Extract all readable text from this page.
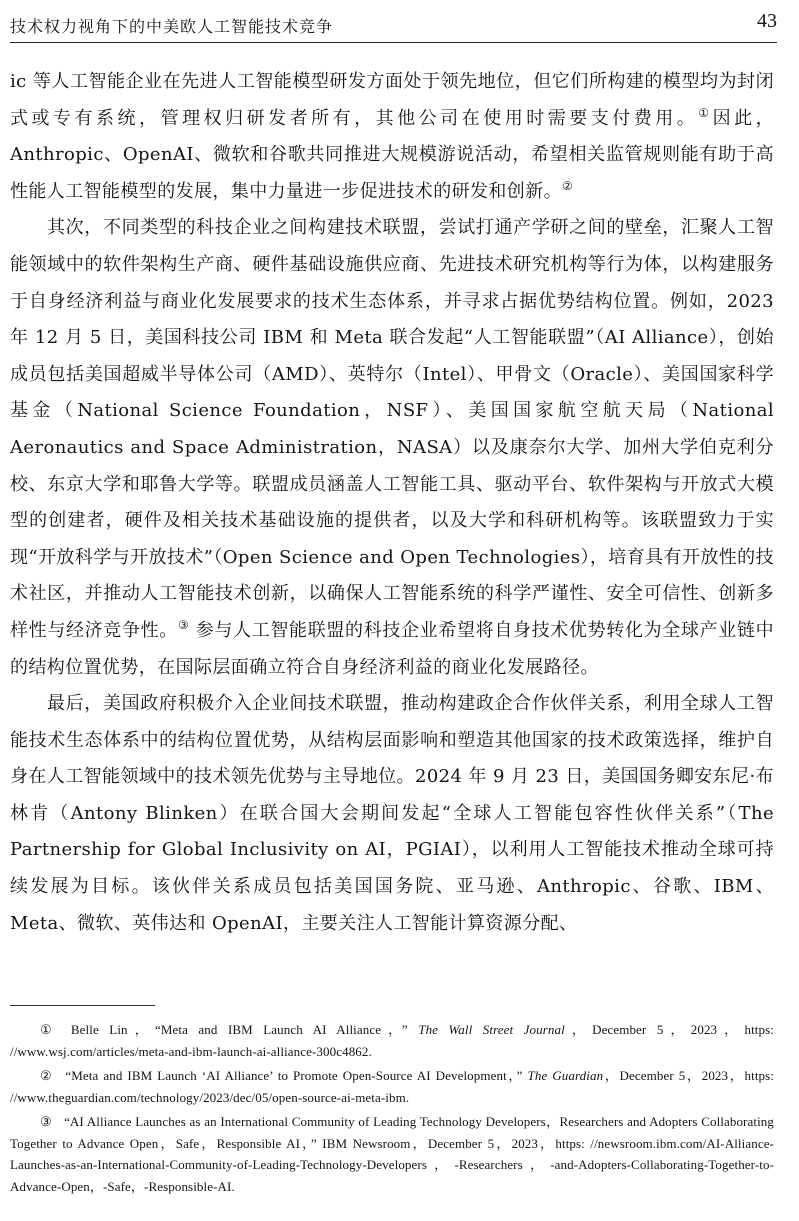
技术权力视角下的中美欧人工智能技术竞争	43

ic 等人工智能企业在先进人工智能模型研发方面处于领先地位，但它们所构建的模型均为封闭式或专有系统，管理权归研发者所有，其他公司在使用时需要支付费用。①因此，Anthropic、OpenAI、微软和谷歌共同推进大规模游说活动，希望相关监管规则能有助于高性能人工智能模型的发展，集中力量进一步促进技术的研发和创新。②

其次，不同类型的科技企业之间构建技术联盟，尝试打通产学研之间的壁垒，汇聚人工智能领域中的软件架构生产商、硬件基础设施供应商、先进技术研究机构等行为体，以构建服务于自身经济利益与商业化发展要求的技术生态体系，并寻求占据优势结构位置。例如，2023 年 12 月 5 日，美国科技公司 IBM 和 Meta 联合发起“人工智能联盟”（AI Alliance），创始成员包括美国超威半导体公司（AMD）、英特尔（Intel）、甲骨文（Oracle）、美国国家科学基金（National Science Foundation，NSF）、美国国家航空航天局（National Aeronautics and Space Administration，NASA）以及康奈尔大学、加州大学伯克利分校、东京大学和耶鲁大学等。联盟成员涵盖人工智能工具、驱动平台、软件架构与开放式大模型的创建者，硬件及相关技术基础设施的提供者，以及大学和科研机构等。该联盟致力于实现“开放科学与开放技术”（Open Science and Open Technologies），培育具有开放性的技术社区，并推动人工智能技术创新，以确保人工智能系统的科学严谨性、安全可信性、创新多样性与经济竞争性。③ 参与人工智能联盟的科技企业希望将自身技术优势转化为全球产业链中的结构位置优势，在国际层面确立符合自身经济利益的商业化发展路径。

最后，美国政府积极介入企业间技术联盟，推动构建政企合作伙伴关系，利用全球人工智能技术生态体系中的结构位置优势，从结构层面影响和塑造其他国家的技术政策选择，维护自身在人工智能领域中的技术领先优势与主导地位。2024 年 9 月 23 日，美国国务卿安东尼·布林肯（Antony Blinken）在联合国大会期间发起“全球人工智能包容性伙伴关系”（The Partnership for Global Inclusivity on AI，PGIAI），以利用人工智能技术推动全球可持续发展为目标。该伙伴关系成员包括美国国务院、亚马逊、Anthropic、谷歌、IBM、Meta、微软、英伟达和 OpenAI，主要关注人工智能计算资源分配、

① Belle Lin，“Meta and IBM Launch AI Alliance，” The Wall Street Journal，December 5，2023，https: //www.wsj.com/articles/meta-and-ibm-launch-ai-alliance-300c4862.

② “Meta and IBM Launch ‘AI Alliance’ to Promote Open-Source AI Development，” The Guardian，December 5，2023，https: //www.theguardian.com/technology/2023/dec/05/open-source-ai-meta-ibm.

③ “AI Alliance Launches as an International Community of Leading Technology Developers，Researchers and Adopters Collaborating Together to Advance Open，Safe，Responsible AI，” IBM Newsroom，December 5，2023，https: //newsroom.ibm.com/AI-Alliance-Launches-as-an-International-Community-of-Leading-Technology-Developers，-Researchers，-and-Adopters-Collaborating-Together-to-Advance-Open，-Safe，-Responsible-AI.
